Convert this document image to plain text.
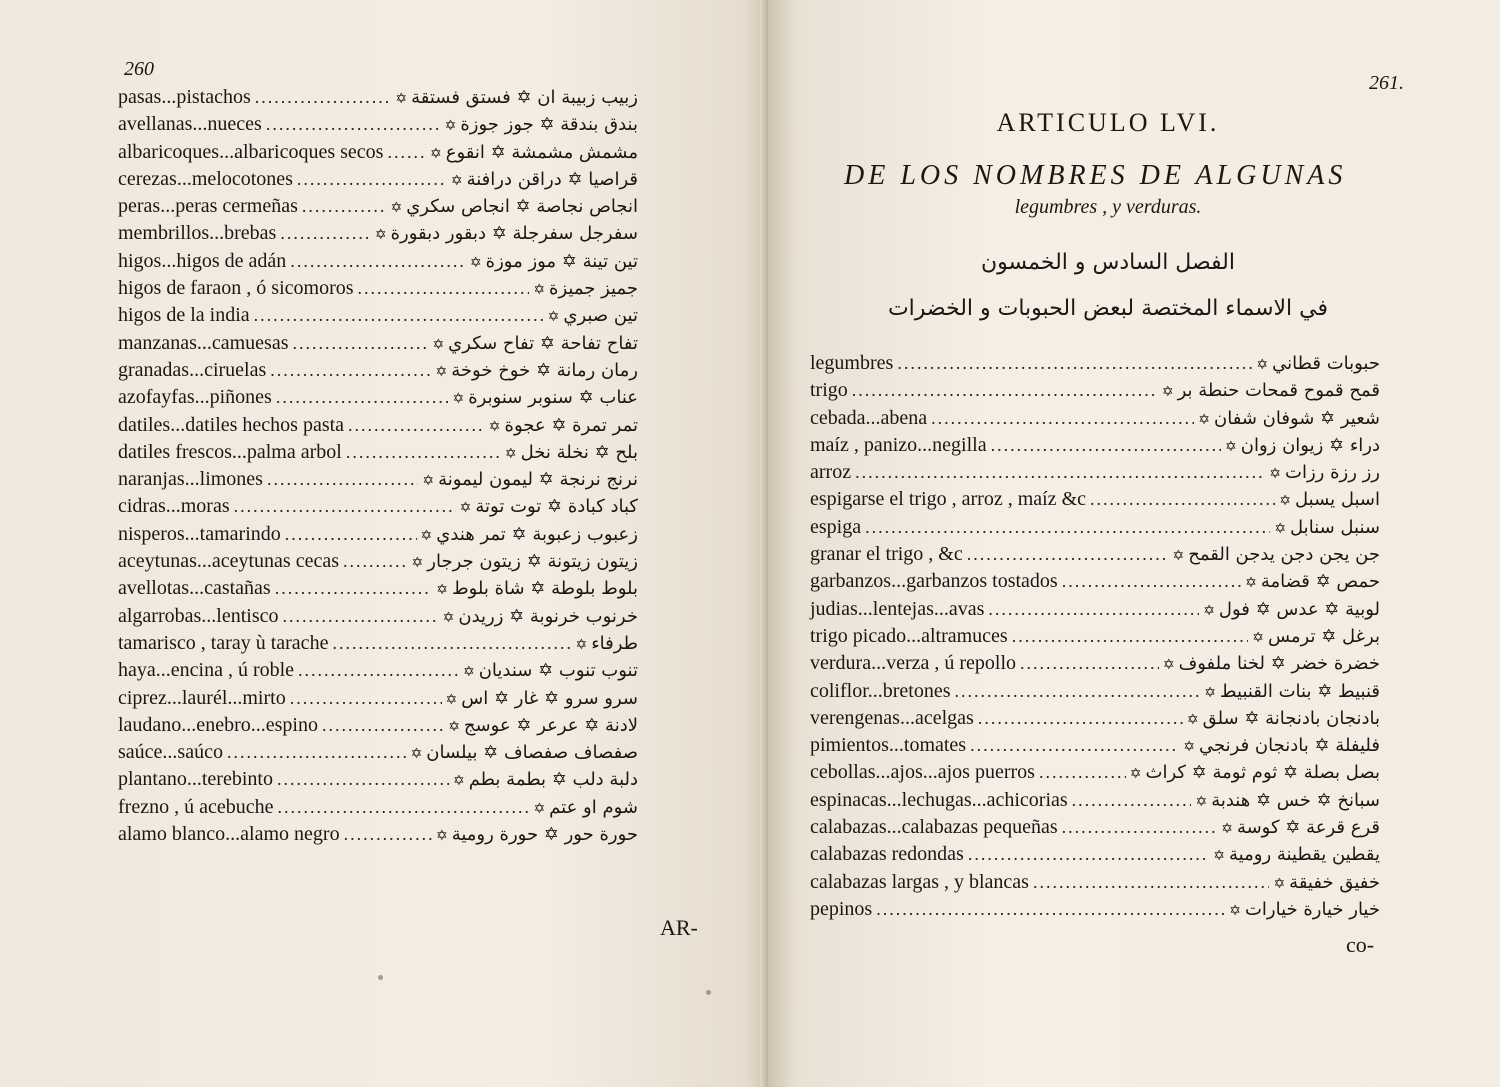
260
pasas...pistachos .....	✡ زبيب زبيبة ان ✡ فستق فستقة
avellanas...nueces .....	✡ بندق بندقة ✡ جوز جوزة
albaricoques...albaricoques secos .....	✡ مشمش مشمشة ✡ انقوع
cerezas...melocotones .....	✡ قراصيا ✡ دراقن درافنة
peras...peras cermeñas .....	✡ انجاص نجاصة ✡ انجاص سكري
membrillos...brebas .....	✡ سفرجل سفرجلة ✡ دبقور دبقورة
higos...higos de adán .....	✡ تين تينة ✡ موز موزة
higos de faraon , ó sicomoros .....	✡ جميز جميزة
higos de la india .....	✡ تين صبري
manzanas...camuesas .....	✡ تفاح تفاحة ✡ تفاح سكري
granadas...ciruelas .....	✡ رمان رمانة ✡ خوخ خوخة
azofayfas...piñones .....	✡ عناب ✡ سنوبر سنوبرة
datiles...datiles hechos pasta .....	✡ تمر تمرة ✡ عجوة
datiles frescos...palma arbol .....	✡ بلح ✡ نخلة نخل
naranjas...limones .....	✡ نرنج نرنجة ✡ ليمون ليمونة
cidras...moras .....	✡ كباد كبادة ✡ توت توتة
nisperos...tamarindo .....	✡ زعبوب زعبوبة ✡ تمر هندي
aceytunas...aceytunas cecas .....	✡ زيتون زيتونة ✡ زيتون جرجار
avellotas...castañas .....	✡ بلوط بلوطة ✡ شاة بلوط
algarrobas...lentisco .....	✡ خرنوب خرنوبة ✡ زريدن
tamarisco , taray ù tarache .....	✡ طرفاء
haya...encina , ú roble .....	✡ تنوب تنوب ✡ سنديان
ciprez...laurél...mirto .....	✡ سرو سرو ✡ غار ✡ اس
laudano...enebro...espino .....	✡ لادنة ✡ عرعر ✡ عوسج
saúce...saúco .....	✡ صفصاف صفصاف ✡ بيلسان
plantano...terebinto .....	✡ دلبة دلب ✡ بطمة بطم
frezno , ú acebuche .....	✡ شوم او عتم
alamo blanco...alamo negro .....	✡ حورة حور ✡ حورة رومية
AR-
261.
ARTICULO LVI.
DE LOS NOMBRES DE ALGUNAS
legumbres , y verduras.
الفصل السادس و الخمسون
في الاسماء المختصة لبعض الحبوبات و الخضرات
legumbres .....	✡ حبوبات قطاني
trigo .....	✡ قمح قموح قمحات حنطة بر
cebada...abena .....	✡ شعير ✡ شوفان شفان
maíz , panizo...negilla .....	✡ دراء ✡ زيوان زوان
arroz .....	✡ رز رزة رزات
espigarse el trigo , arroz , maíz &c .....	✡ اسبل يسبل
espiga .....	✡ سنبل سنابل
granar el trigo , &c .....	✡ جن يجن دجن يدجن القمح
garbanzos...garbanzos tostados .....	✡ حمص ✡ قضامة
judias...lentejas...avas .....	✡ لوبية ✡ عدس ✡ فول
trigo picado...altramuces .....	✡ برغل ✡ ترمس
verdura...verza , ú repollo .....	✡ خضرة خضر ✡ لخنا ملفوف
coliflor...bretones .....	✡ قنبيط ✡ بنات القنبيط
verengenas...acelgas .....	✡ بادنجان بادنجانة ✡ سلق
pimientos...tomates .....	✡ فليفلة ✡ بادنجان فرنجي
cebollas...ajos...ajos puerros .....	✡ بصل بصلة ✡ ثوم ثومة ✡ كراث
espinacas...lechugas...achicorias .....	✡ سبانخ ✡ خس ✡ هندبة
calabazas...calabazas pequeñas .....	✡ قرع قرعة ✡ كوسة
calabazas redondas .....	✡ يقطين يقطينة رومية
calabazas largas , y blancas .....	✡ خفيق خفيقة
pepinos .....	✡ خيار خيارة خيارات
co-
